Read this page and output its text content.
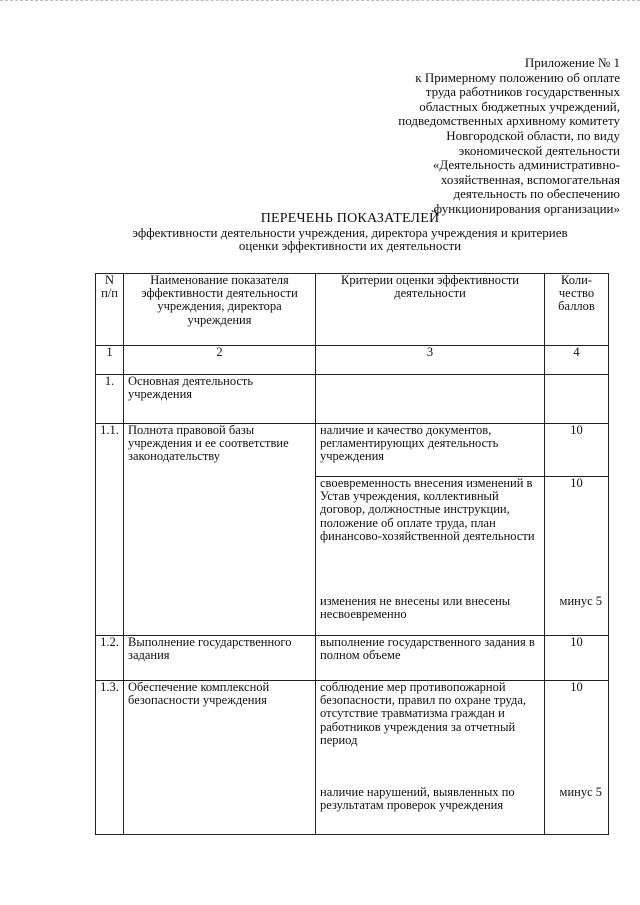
Приложение № 1
к Примерному положению об оплате
труда работников государственных
областных бюджетных учреждений,
подведомственных архивному комитету
Новгородской области, по виду
экономической деятельности
«Деятельность административно-
хозяйственная, вспомогательная
деятельность по обеспечению
функционирования организации»
ПЕРЕЧЕНЬ ПОКАЗАТЕЛЕЙ
эффективности деятельности учреждения, директора учреждения и критериев
оценки эффективности их деятельности
N п/п	Наименование показателя эффективности деятельности учреждения, директора учреждения	Критерии оценки эффективности деятельности	Коли-чество баллов
1	2	3	4
1.	Основная деятельность учреждения		
1.1.	Полнота правовой базы учреждения и ее соответствие законодательству	наличие и качество документов, регламентирующих деятельность учреждения	10
		своевременность внесения изменений в Устав учреждения, коллективный договор, должностные инструкции, положение об оплате труда, план финансово-хозяйственной деятельности	10
		изменения не внесены или внесены несвоевременно	минус 5
1.2.	Выполнение государственного задания	выполнение государственного задания в полном объеме	10
1.3.	Обеспечение комплексной безопасности учреждения	соблюдение мер противопожарной безопасности, правил по охране труда, отсутствие травматизма граждан и работников учреждения за отчетный период	10
		наличие нарушений, выявленных по результатам проверок учреждения	минус 5
